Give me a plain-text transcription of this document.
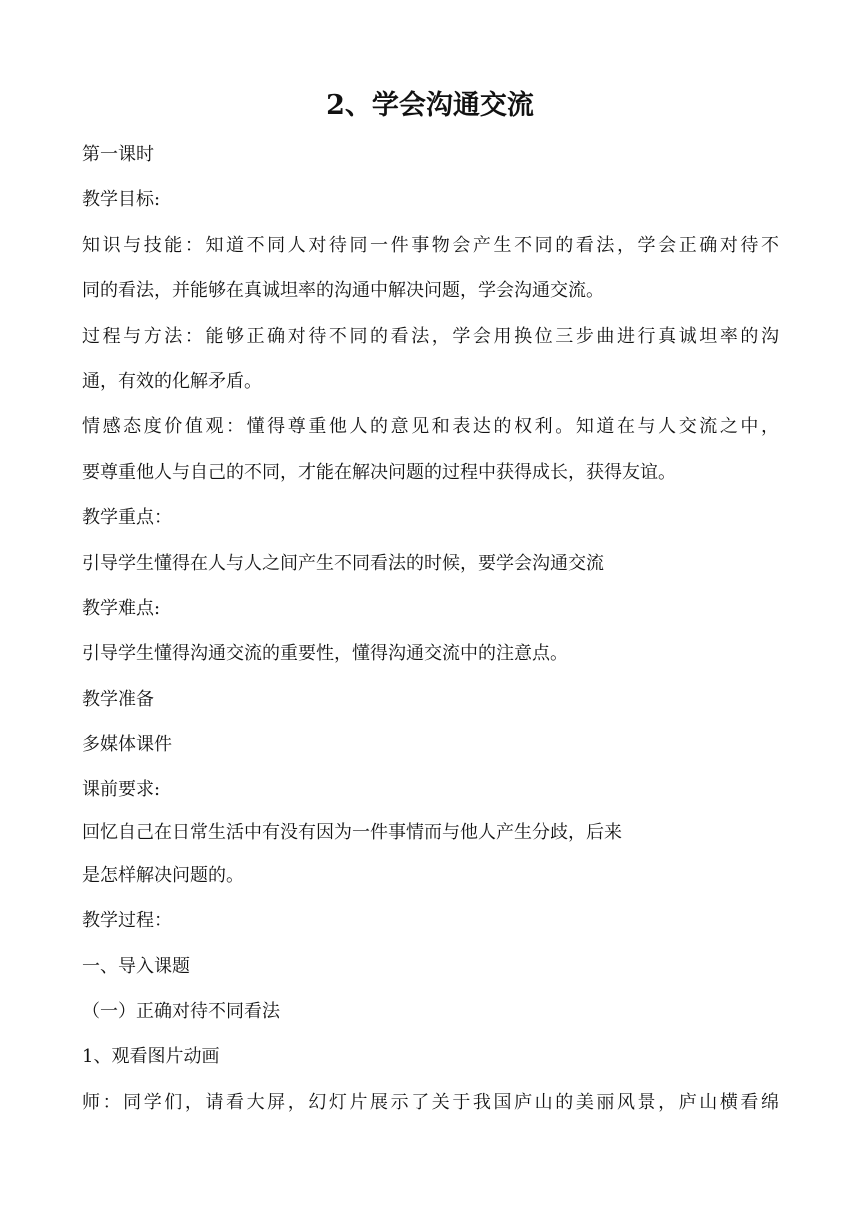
2、学会沟通交流

第一课时

教学目标:

知识与技能：知道不同人对待同一件事物会产生不同的看法，学会正确对待不

同的看法，并能够在真诚坦率的沟通中解决问题，学会沟通交流。

过程与方法：能够正确对待不同的看法，学会用换位三步曲进行真诚坦率的沟

通，有效的化解矛盾。

情感态度价值观：懂得尊重他人的意见和表达的权利。知道在与人交流之中，

要尊重他人与自己的不同，才能在解决问题的过程中获得成长，获得友谊。

教学重点：

引导学生懂得在人与人之间产生不同看法的时候，要学会沟通交流

教学难点:

引导学生懂得沟通交流的重要性，懂得沟通交流中的注意点。

教学准备

多媒体课件

课前要求:

回忆自己在日常生活中有没有因为一件事情而与他人产生分歧，后来

是怎样解决问题的。

教学过程：

一、导入课题

（一）正确对待不同看法

1、观看图片动画

师：同学们，请看大屏，幻灯片展示了关于我国庐山的美丽风景，庐山横看绵
